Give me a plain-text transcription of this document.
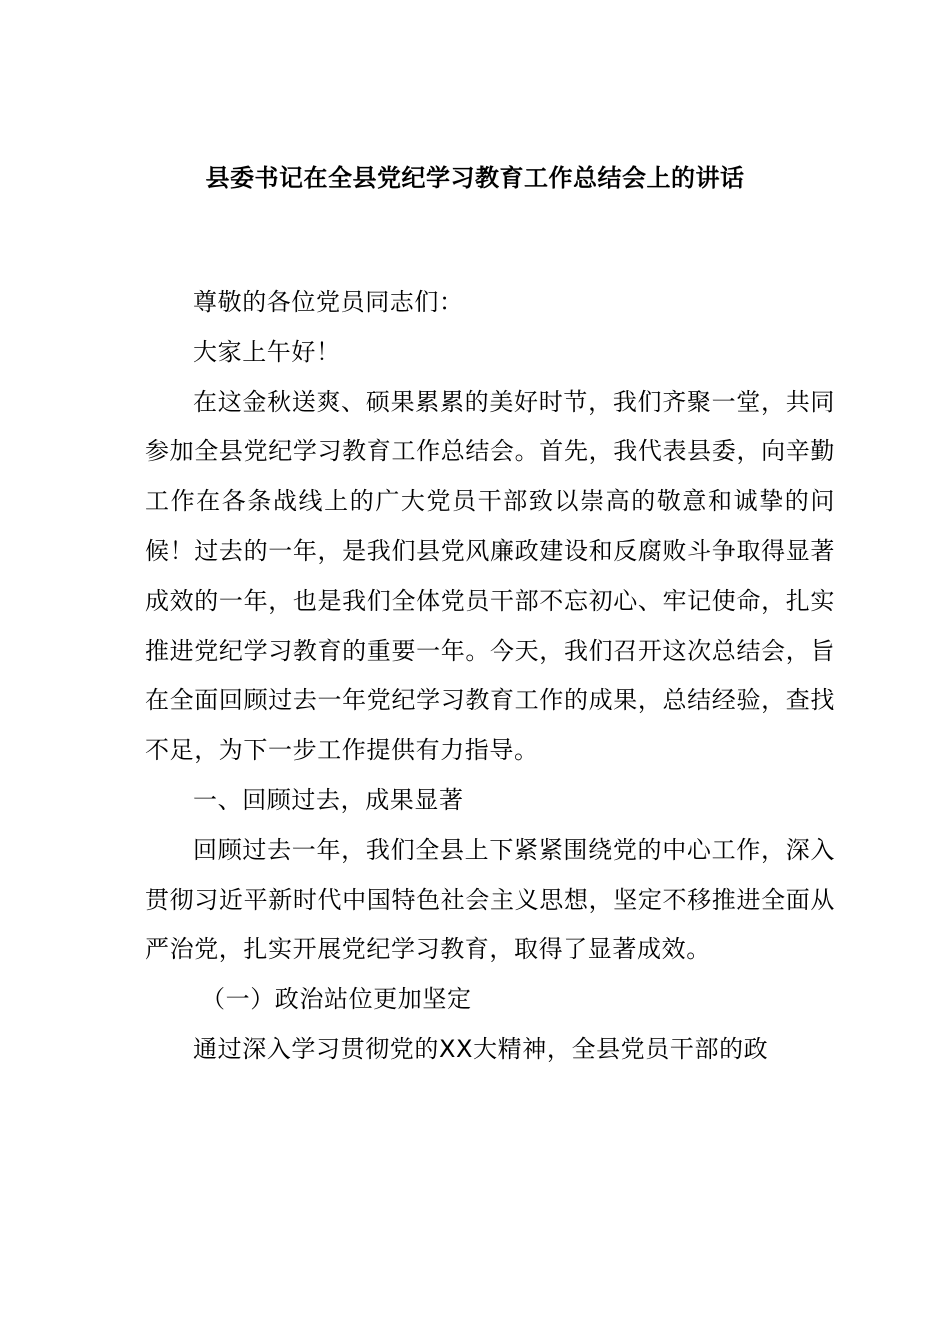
县委书记在全县党纪学习教育工作总结会上的讲话

尊敬的各位党员同志们：

大家上午好！

在这金秋送爽、硕果累累的美好时节，我们齐聚一堂，共同参加全县党纪学习教育工作总结会。首先，我代表县委，向辛勤工作在各条战线上的广大党员干部致以崇高的敬意和诚挚的问候！过去的一年，是我们县党风廉政建设和反腐败斗争取得显著成效的一年，也是我们全体党员干部不忘初心、牢记使命，扎实推进党纪学习教育的重要一年。今天，我们召开这次总结会，旨在全面回顾过去一年党纪学习教育工作的成果，总结经验，查找不足，为下一步工作提供有力指导。

一、回顾过去，成果显著

回顾过去一年，我们全县上下紧紧围绕党的中心工作，深入贯彻习近平新时代中国特色社会主义思想，坚定不移推进全面从严治党，扎实开展党纪学习教育，取得了显著成效。

（一）政治站位更加坚定

通过深入学习贯彻党的XX大精神，全县党员干部的政
